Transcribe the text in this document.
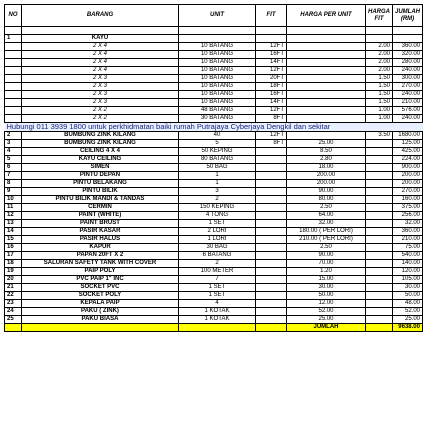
NO	BARANG	UNIT	FIT	HARGA PER UNIT	HARGA FIT	JUMLAH (RM)

1	KAYU					
	2 X 4	10 BATANG	12FT		2.00	360.00
	2 X 4	10 BATANG	16FT		2.00	320.00
	2 X 4	10 BATANG	14FT		2.00	280.00
	2 X 4	10 BATANG	12FT		2.00	240.00
	2 X 3	10 BATANG	20FT		1.50	300.00
	2 X 3	10 BATANG	18FT		1.50	270.00
	2 X 3	10 BATANG	16FT		1.50	240.00
	2 X 3	10 BATANG	14FT		1.50	210.00
	2 X 2	48 BATANG	12FT		1.00	576.00
	2 X 2	30 BATANG	8FT		1.00	240.00
Hubungi 011 3939 1800 untuk perkhidmatan baiki rumah Putrajaya Cyberjaya Dengkil dan sekitar						
2	BUMBUNG ZINK KILANG	40	12FT		3.50	1680.00
3	BUMBUNG ZINK KILANG	5	8FT	25.00		125.00
4	CEILING 4 X 4	50 KEPING		8.50		425.00
5	KAYU CEILING	80 BATANG		2.80		224.00
6	SIMEN	50 BAG		18.00		900.00
7	PINTU DEPAN	1		200.00		200.00
8	PINTU BELAKANG	1		200.00		200.00
9	PINTU BILIK	3		90.00		270.00
10	PINTU BILIK MANDI & TANDAS	2		80.00		160.00
11	CERMIN	150 KEPING		2.50		375.00
12	PAINT (WHITE)	4 TONG		64.00		256.00
13	PAINT BRUST	1 SET		32.00		32.00
14	PASIR KASAR	2 LORI		180.00 ( PER LORI)		360.00
15	PASIR HALUS	1 LORI		210.00 ( PER LORI)		210.00
16	KAPUR	30 BAG		2.50		75.00
17	PAPAN 20FT X 2	6 BATANG		90.00		540.00
18	SALURAN SAFETY TANK WITH COVER	2		70.00		140.00
19	PAIP POLY	100 METER		1.20		120.00
20	PVC PAIP 1" INC	7		15.00		105.00
21	SOCKET PVC	1 SET		30.00		30.00
22	SOCKET POLY	1 SET		50.00		50.00
23	KEPALA PAIP	4		12.00		48.00
24	PAKU ( ZINK)	1 KOTAK		52.00		52.00
25	PAKU BIASA	1 KOTAK		25.00		25.00
				JUMLAH		9638.00
